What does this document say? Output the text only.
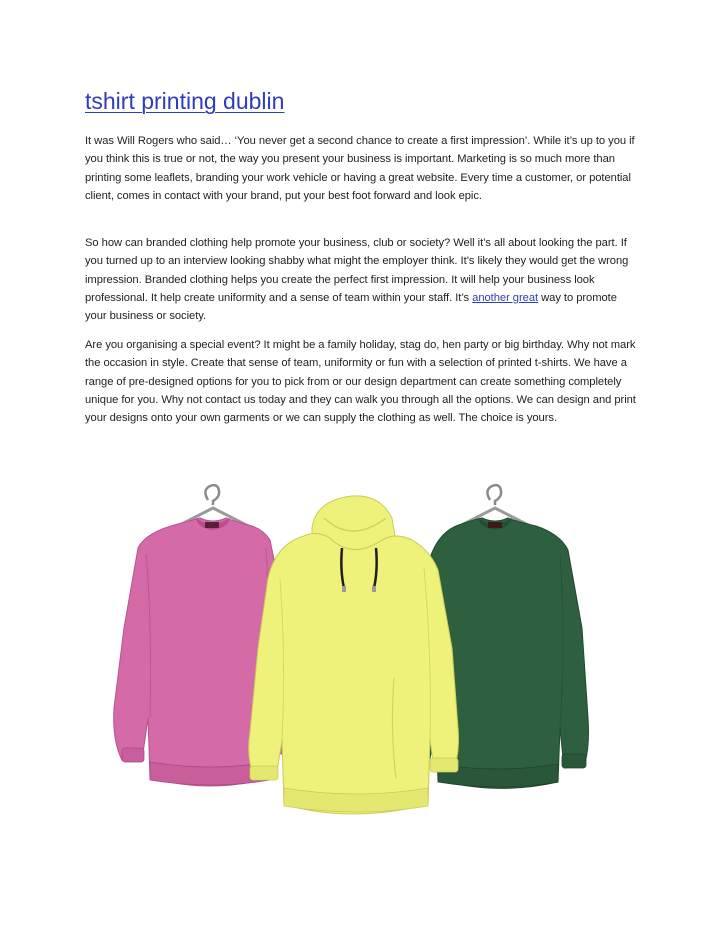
tshirt printing dublin

It was Will Rogers who said… ‘You never get a second chance to create a first impression’. While it’s up to you if you think this is true or not, the way you present your business is important. Marketing is so much more than printing some leaflets, branding your work vehicle or having a great website. Every time a customer, or potential client, comes in contact with your brand, put your best foot forward and look epic.

So how can branded clothing help promote your business, club or society? Well it’s all about looking the part. If you turned up to an interview looking shabby what might the employer think. It’s likely they would get the wrong impression. Branded clothing helps you create the perfect first impression. It will help your business look professional. It help create uniformity and a sense of team within your staff. It’s another great way to promote your business or society.

Are you organising a special event? It might be a family holiday, stag do, hen party or big birthday. Why not mark the occasion in style. Create that sense of team, uniformity or fun with a selection of printed t-shirts. We have a range of pre-designed options for you to pick from or our design department can create something completely unique for you. Why not contact us today and they can walk you through all the options. We can design and print your designs onto your own garments or we can supply the clothing as well. The choice is yours.
